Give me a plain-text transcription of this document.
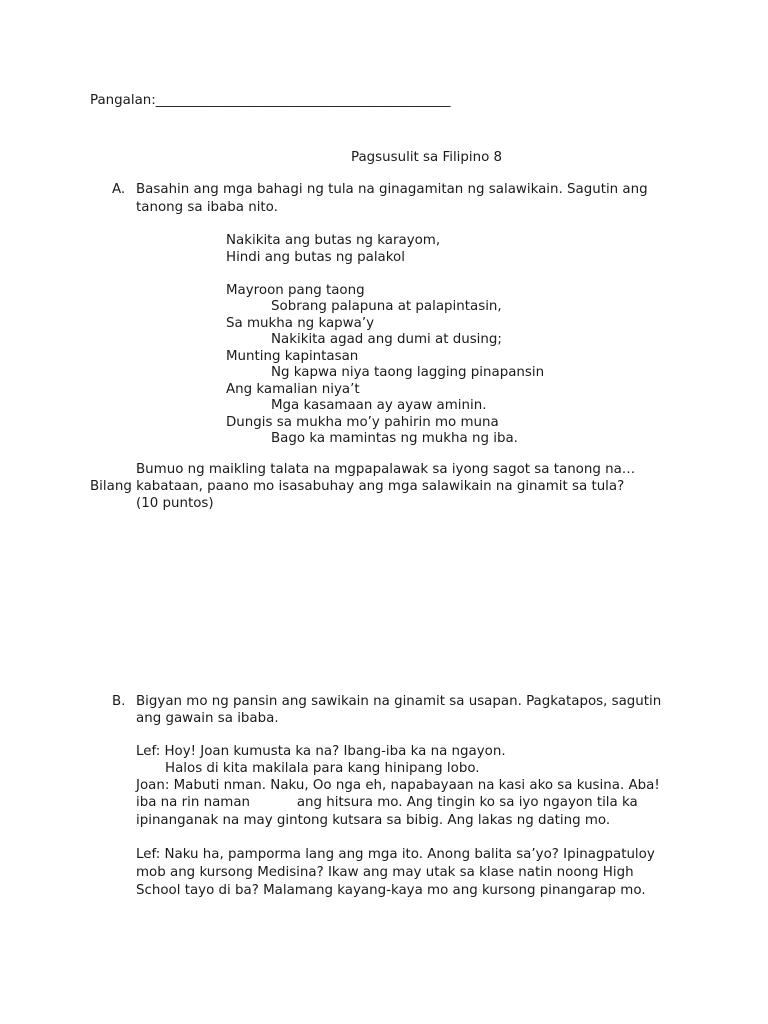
Pangalan:____________________________________________
Pagsusulit sa Filipino 8
A. Basahin ang mga bahagi ng tula na ginagamitan ng salawikain. Sagutin ang
tanong sa ibaba nito.
Nakikita ang butas ng karayom,
Hindi ang butas ng palakol
Mayroon pang taong
Sobrang palapuna at palapintasin,
Sa mukha ng kapwa’y
Nakikita agad ang dumi at dusing;
Munting kapintasan
Ng kapwa niya taong lagging pinapansin
Ang kamalian niya’t
Mga kasamaan ay ayaw aminin.
Dungis sa mukha mo’y pahirin mo muna
Bago ka mamintas ng mukha ng iba.
Bumuo ng maikling talata na mgpapalawak sa iyong sagot sa tanong na…
Bilang kabataan, paano mo isasabuhay ang mga salawikain na ginamit sa tula?
(10 puntos)
B. Bigyan mo ng pansin ang sawikain na ginamit sa usapan. Pagkatapos, sagutin
ang gawain sa ibaba.
Lef: Hoy! Joan kumusta ka na? Ibang-iba ka na ngayon.
Halos di kita makilala para kang hinipang lobo.
Joan: Mabuti nman. Naku, Oo nga eh, napabayaan na kasi ako sa kusina. Aba!
iba na rin naman           ang hitsura mo. Ang tingin ko sa iyo ngayon tila ka
ipinanganak na may gintong kutsara sa bibig. Ang lakas ng dating mo.
Lef: Naku ha, pamporma lang ang mga ito. Anong balita sa’yo? Ipinagpatuloy
mob ang kursong Medisina? Ikaw ang may utak sa klase natin noong High
School tayo di ba? Malamang kayang-kaya mo ang kursong pinangarap mo.
